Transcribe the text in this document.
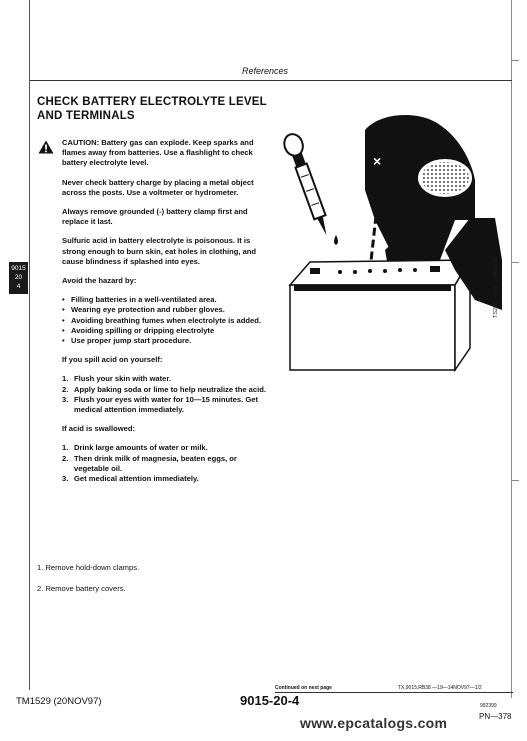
References
9015
20
4
CHECK BATTERY ELECTROLYTE LEVEL
AND TERMINALS

CAUTION: Battery gas can explode. Keep sparks and flames away from batteries. Use a flashlight to check battery electrolyte level.

Never check battery charge by placing a metal object across the posts. Use a voltmeter or hydrometer.

Always remove grounded (-) battery clamp first and replace it last.

Sulfuric acid in battery electrolyte is poisonous. It is strong enough to burn skin, eat holes in clothing, and cause blindness if splashed into eyes.

Avoid the hazard by:

• Filling batteries in a well-ventilated area.
• Wearing eye protection and rubber gloves.
• Avoiding breathing fumes when electrolyte is added.
• Avoiding spilling or dripping electrolyte
• Use proper jump start procedure.

If you spill acid on yourself:

1. Flush your skin with water.
2. Apply baking soda or lime to help neutralize the acid.
3. Flush your eyes with water for 10—15 minutes. Get medical attention immediately.

If acid is swallowed:

1. Drink large amounts of water or milk.
2. Then drink milk of magnesia, beaten eggs, or vegetable oil.
3. Get medical attention immediately.
1. Remove hold-down clamps.
2. Remove battery covers.
×
TS203 —UN—23AUG88
Continued on next page	TX,9015,RB38 —19—14NOV97—1/2
TM1529 (20NOV97)	9015-20-4	992399
PN—378
www.epcatalogs.com
